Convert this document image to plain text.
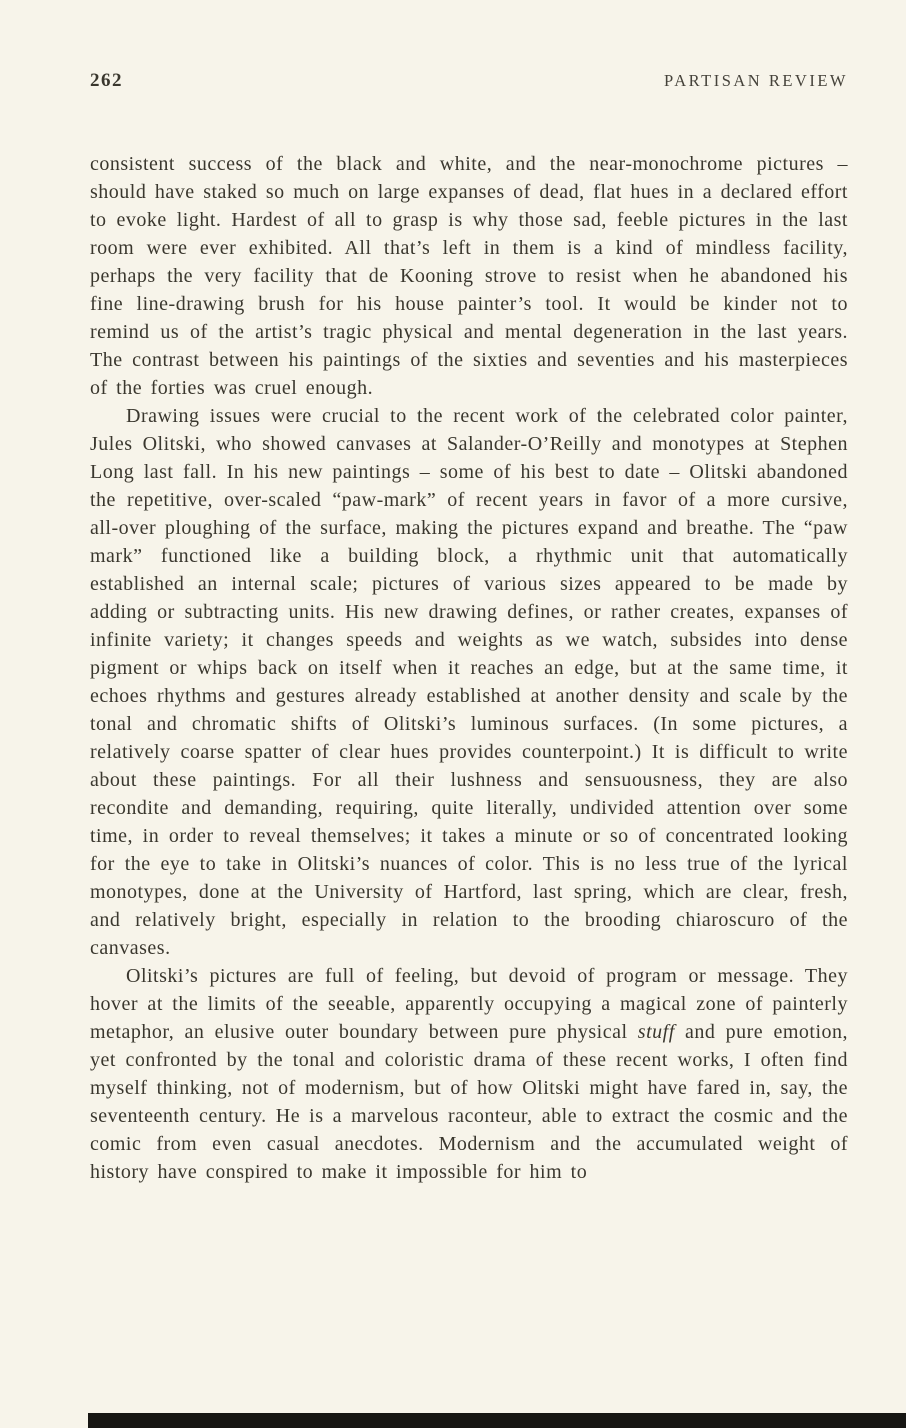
262	PARTISAN REVIEW

consistent success of the black and white, and the near-monochrome pictures – should have staked so much on large expanses of dead, flat hues in a declared effort to evoke light. Hardest of all to grasp is why those sad, feeble pictures in the last room were ever exhibited. All that’s left in them is a kind of mindless facility, perhaps the very facility that de Kooning strove to resist when he abandoned his fine line-drawing brush for his house painter’s tool. It would be kinder not to remind us of the artist’s tragic physical and mental degeneration in the last years. The contrast between his paintings of the sixties and seventies and his masterpieces of the forties was cruel enough.

Drawing issues were crucial to the recent work of the celebrated color painter, Jules Olitski, who showed canvases at Salander-O’Reilly and monotypes at Stephen Long last fall. In his new paintings – some of his best to date – Olitski abandoned the repetitive, over-scaled “paw-mark” of recent years in favor of a more cursive, all-over ploughing of the surface, making the pictures expand and breathe. The “paw mark” functioned like a building block, a rhythmic unit that automatically established an internal scale; pictures of various sizes appeared to be made by adding or subtracting units. His new drawing defines, or rather creates, expanses of infinite variety; it changes speeds and weights as we watch, subsides into dense pigment or whips back on itself when it reaches an edge, but at the same time, it echoes rhythms and gestures already established at another density and scale by the tonal and chromatic shifts of Olitski’s luminous surfaces. (In some pictures, a relatively coarse spatter of clear hues provides counterpoint.) It is difficult to write about these paintings. For all their lushness and sensuousness, they are also recondite and demanding, requiring, quite literally, undivided attention over some time, in order to reveal themselves; it takes a minute or so of concentrated looking for the eye to take in Olitski’s nuances of color. This is no less true of the lyrical monotypes, done at the University of Hartford, last spring, which are clear, fresh, and relatively bright, especially in relation to the brooding chiaroscuro of the canvases.

Olitski’s pictures are full of feeling, but devoid of program or message. They hover at the limits of the seeable, apparently occupying a magical zone of painterly metaphor, an elusive outer boundary between pure physical stuff and pure emotion, yet confronted by the tonal and coloristic drama of these recent works, I often find myself thinking, not of modernism, but of how Olitski might have fared in, say, the seventeenth century. He is a marvelous raconteur, able to extract the cosmic and the comic from even casual anecdotes. Modernism and the accumulated weight of history have conspired to make it impossible for him to
